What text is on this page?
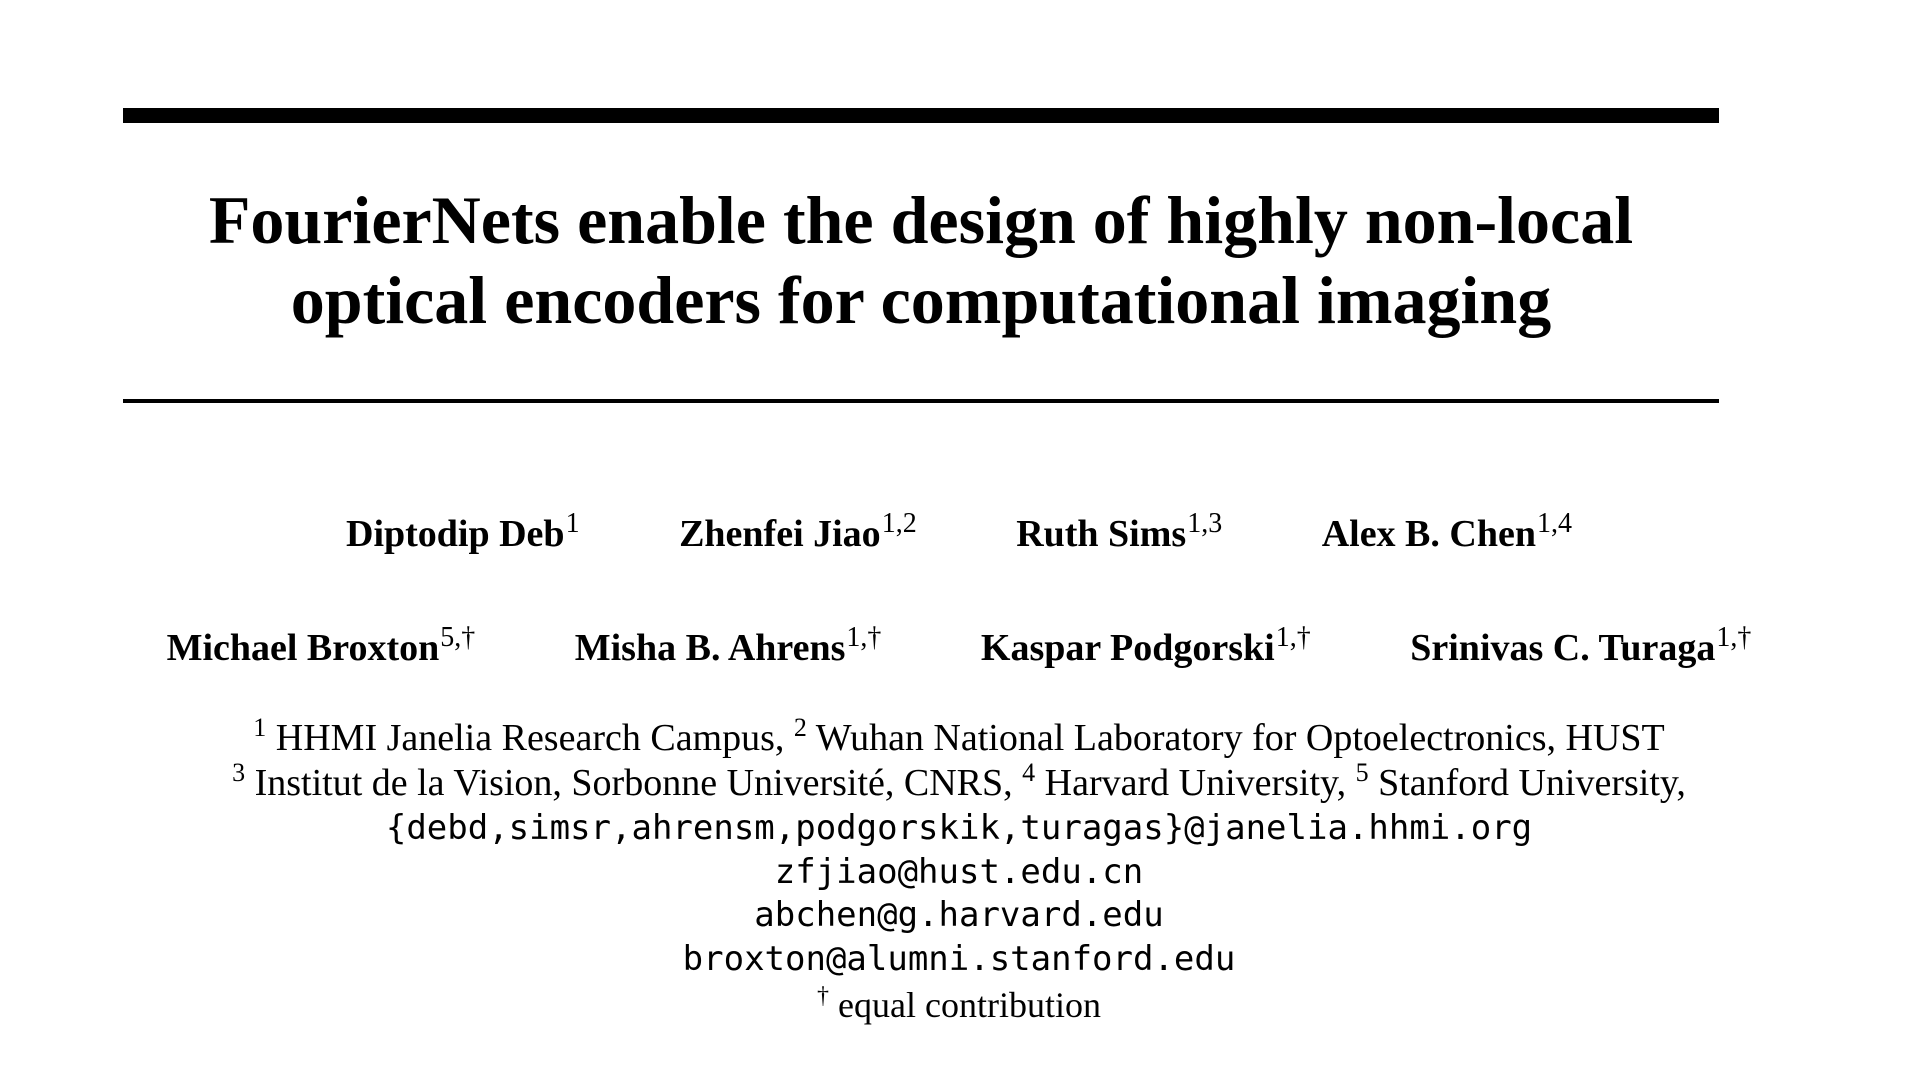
FourierNets enable the design of highly non-local
optical encoders for computational imaging
Diptodip Deb$^1$	Zhenfei Jiao$^{1,2}$	Ruth Sims$^{1,3}$	Alex B. Chen$^{1,4}$
Michael Broxton$^{5,\dagger}$	Misha B. Ahrens$^{1,\dagger}$	Kaspar Podgorski$^{1,\dagger}$	Srinivas C. Turaga$^{1,\dagger}$
$^1$ HHMI Janelia Research Campus, $^2$ Wuhan National Laboratory for Optoelectronics, HUST
$^3$ Institut de la Vision, Sorbonne Université, CNRS, $^4$ Harvard University, $^5$ Stanford University,
{debd,simsr,ahrensm,podgorskik,turagas}@janelia.hhmi.org
zfjiao@hust.edu.cn
abchen@g.harvard.edu
broxton@alumni.stanford.edu
† equal contribution
